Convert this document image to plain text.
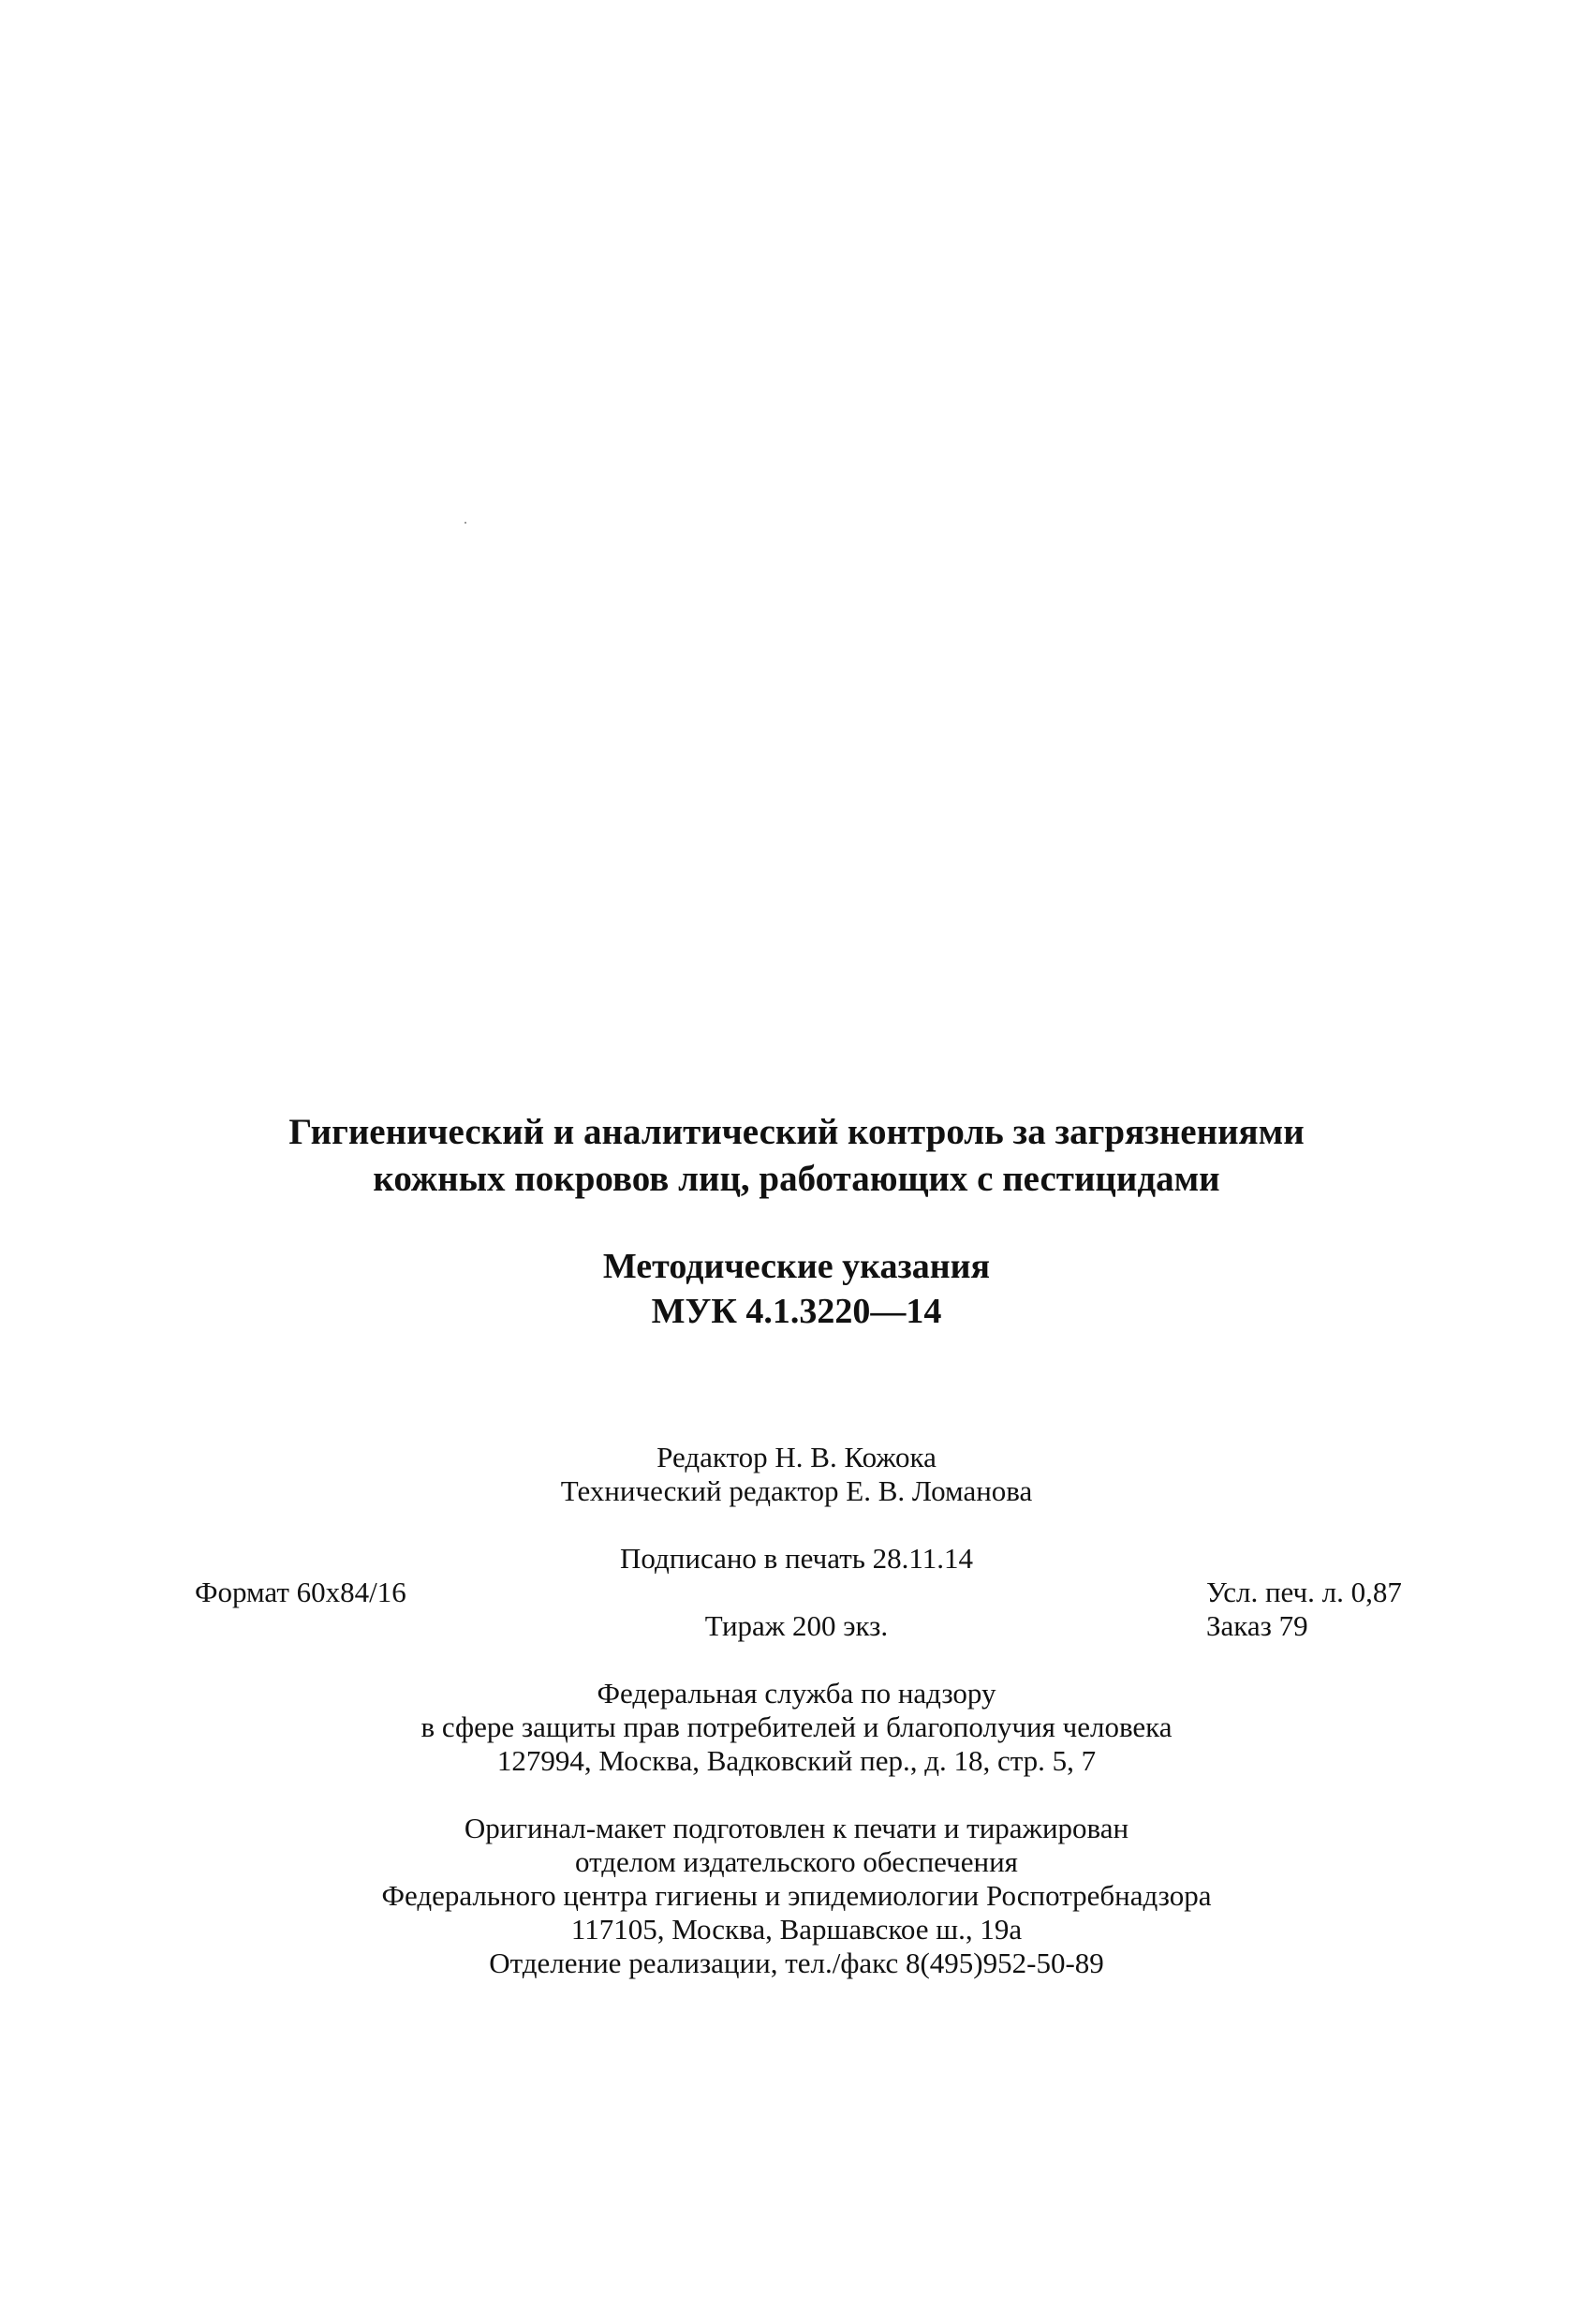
Гигиенический и аналитический контроль за загрязнениями
кожных покровов лиц, работающих с пестицидами
Методические указания
МУК 4.1.3220—14
Редактор Н. В. Кожока
Технический редактор Е. В. Ломанова
Подписано в печать 28.11.14
Формат 60x84/16	Усл. печ. л. 0,87
Тираж 200 экз.	Заказ 79
Федеральная служба по надзору
в сфере защиты прав потребителей и благополучия человека
127994, Москва, Вадковский пер., д. 18, стр. 5, 7
Оригинал-макет подготовлен к печати и тиражирован
отделом издательского обеспечения
Федерального центра гигиены и эпидемиологии Роспотребнадзора
117105, Москва, Варшавское ш., 19а
Отделение реализации, тел./факс 8(495)952-50-89
